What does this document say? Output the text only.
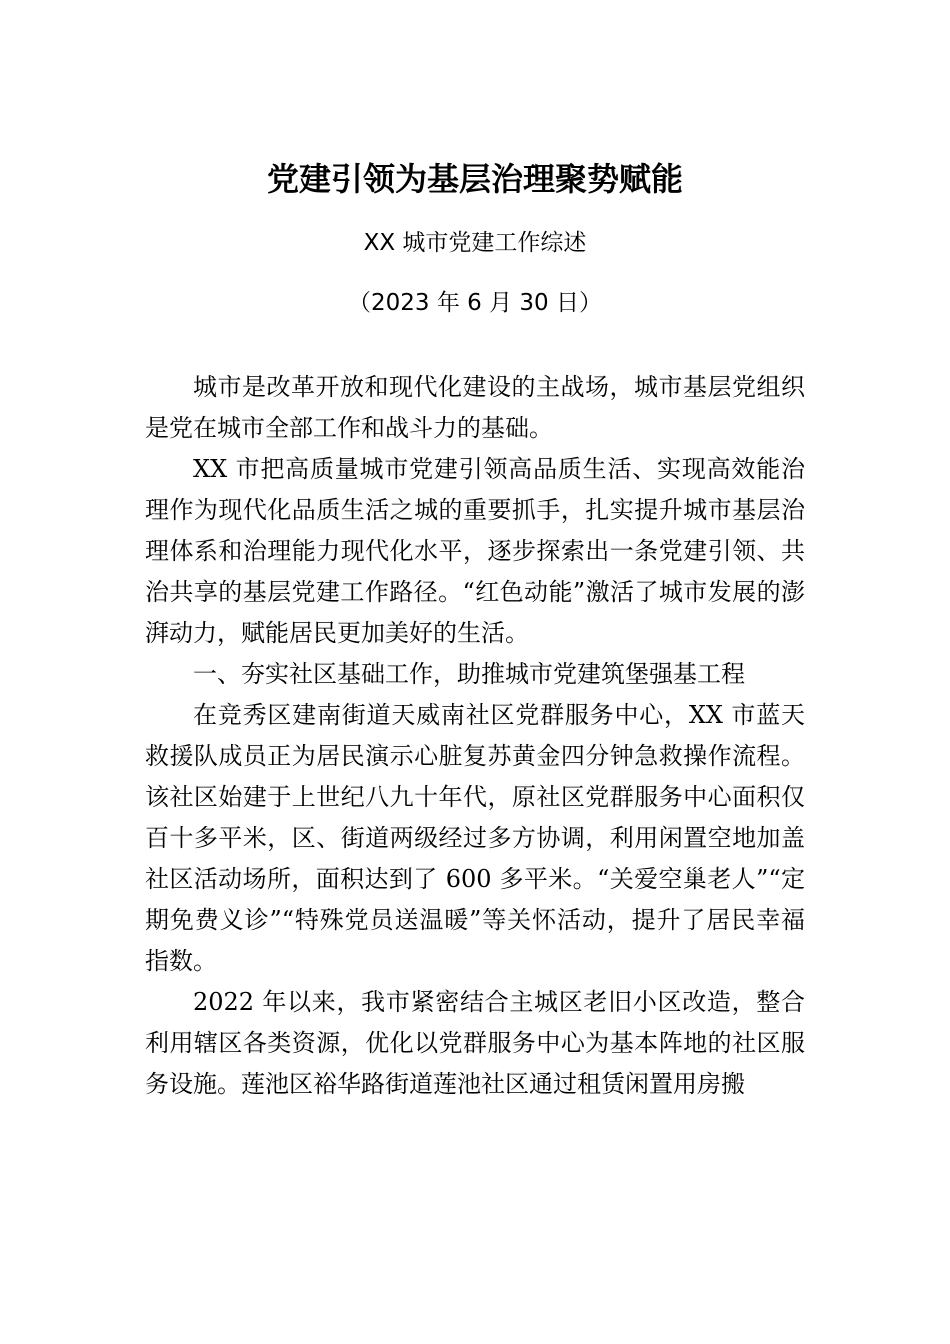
党建引领为基层治理聚势赋能
XX 城市党建工作综述
（2023 年 6 月 30 日）

城市是改革开放和现代化建设的主战场，城市基层党组织是党在城市全部工作和战斗力的基础。

XX 市把高质量城市党建引领高品质生活、实现高效能治理作为现代化品质生活之城的重要抓手，扎实提升城市基层治理体系和治理能力现代化水平，逐步探索出一条党建引领、共治共享的基层党建工作路径。“红色动能”激活了城市发展的澎湃动力，赋能居民更加美好的生活。

一、夯实社区基础工作，助推城市党建筑堡强基工程

在竞秀区建南街道天威南社区党群服务中心，XX 市蓝天救援队成员正为居民演示心脏复苏黄金四分钟急救操作流程。该社区始建于上世纪八九十年代，原社区党群服务中心面积仅百十多平米，区、街道两级经过多方协调，利用闲置空地加盖社区活动场所，面积达到了 600 多平米。“关爱空巢老人”“定期免费义诊”“特殊党员送温暖”等关怀活动，提升了居民幸福指数。

2022 年以来，我市紧密结合主城区老旧小区改造，整合利用辖区各类资源，优化以党群服务中心为基本阵地的社区服务设施。莲池区裕华路街道莲池社区通过租赁闲置用房搬
